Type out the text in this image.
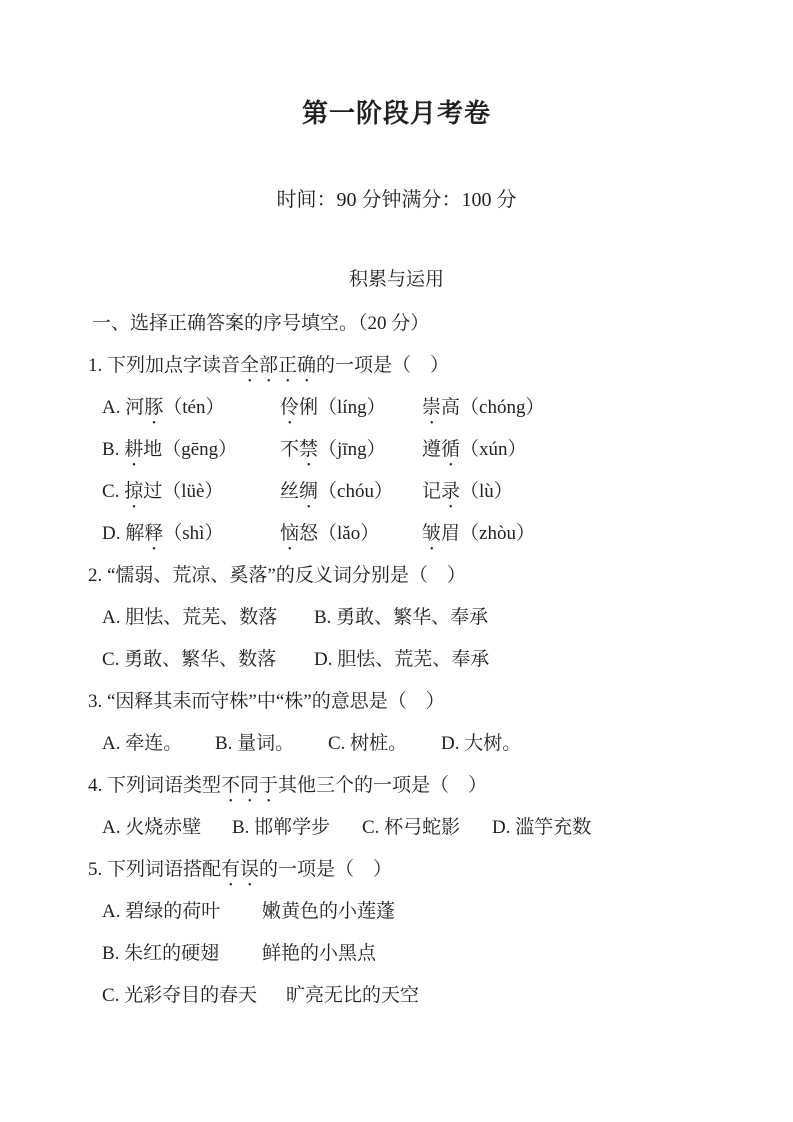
第一阶段月考卷
时间：90 分钟满分：100 分
积累与运用
一、选择正确答案的序号填空。（20 分）
1. 下列加点字读音全部正确的一项是（　）
A. 河豚（tén）	伶俐（líng）	崇高（chóng）
B. 耕地（gēng）	不禁（jīng）	遵循（xún）
C. 掠过（lüè）	丝绸（chóu）	记录（lù）
D. 解释（shì）	恼怒（lǎo）	皱眉（zhòu）
2. “懦弱、荒凉、奚落”的反义词分别是（　）
A. 胆怯、荒芜、数落	B. 勇敢、繁华、奉承
C. 勇敢、繁华、数落	D. 胆怯、荒芜、奉承
3. “因释其耒而守株”中“株”的意思是（　）
A. 牵连。	B. 量词。	C. 树桩。	D. 大树。
4. 下列词语类型不同于其他三个的一项是（　）
A. 火烧赤壁	B. 邯郸学步	C. 杯弓蛇影	D. 滥竽充数
5. 下列词语搭配有误的一项是（　）
A. 碧绿的荷叶	嫩黄色的小莲蓬
B. 朱红的硬翅	鲜艳的小黑点
C. 光彩夺目的春天	旷亮无比的天空
